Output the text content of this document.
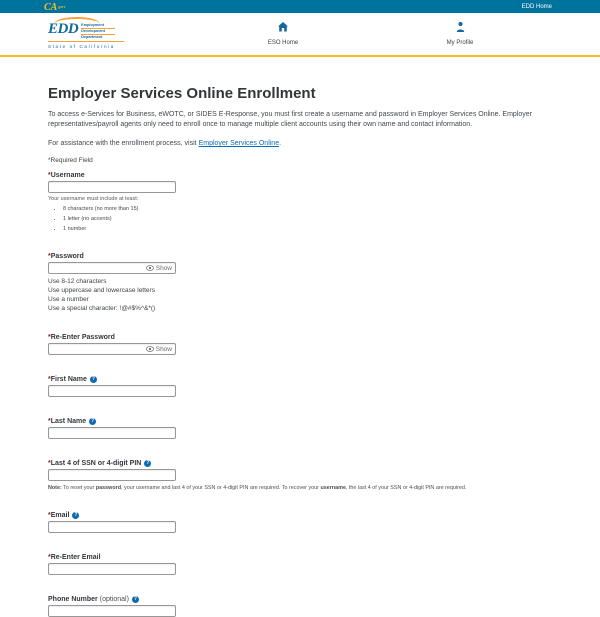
CA gov	EDD Home
EDD Employment
Development
Department
State of California
ESO Home	My Profile
Employer Services Online Enrollment

To access e-Services for Business, eWOTC, or SIDES E-Response, you must first create a username and password in Employer Services Online. Employer representatives/payroll agents only need to enroll once to manage multiple client accounts using their own name and contact information.

For assistance with the enrollment process, visit Employer Services Online.

*Required Field
*Username
Your username must include at least:
• 8 characters (no more than 15)
• 1 letter (no accents)
• 1 number
*Password
Show
Use 8-12 characters
Use uppercase and lowercase letters
Use a number
Use a special character: !@#$%^&*()
*Re-Enter Password
Show
*First Name ?
*Last Name ?
*Last 4 of SSN or 4-digit PIN ?
Note: To reset your password, your username and last 4 of your SSN or 4-digit PIN are required. To recover your username, the last 4 of your SSN or 4-digit PIN are required.
*Email ?
*Re-Enter Email
Phone Number (optional) ?
